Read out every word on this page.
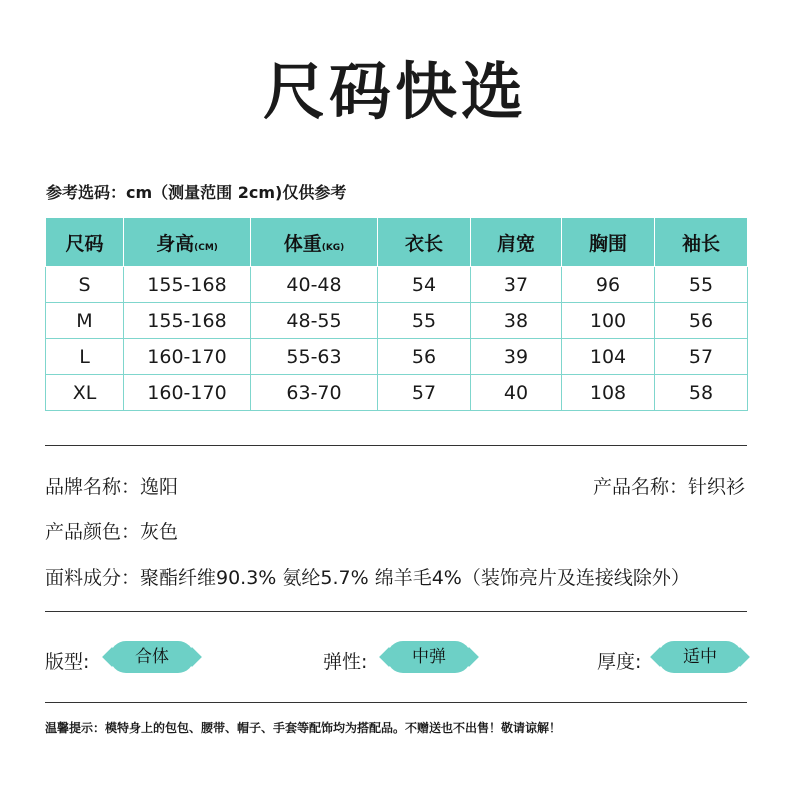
尺码快选
参考选码：cm（测量范围 2cm)仅供参考
尺码	身高(CM)	体重(KG)	衣长	肩宽	胸围	袖长
S	155-168	40-48	54	37	96	55
M	155-168	48-55	55	38	100	56
L	160-170	55-63	56	39	104	57
XL	160-170	63-70	57	40	108	58
品牌名称：逸阳	产品名称：针织衫
产品颜色：灰色
面料成分：聚酯纤维90.3% 氨纶5.7% 绵羊毛4%（装饰亮片及连接线除外）
版型:	合体	弹性:	中弹	厚度:	适中
温馨提示：模特身上的包包、腰带、帽子、手套等配饰均为搭配品。不赠送也不出售！敬请谅解！
